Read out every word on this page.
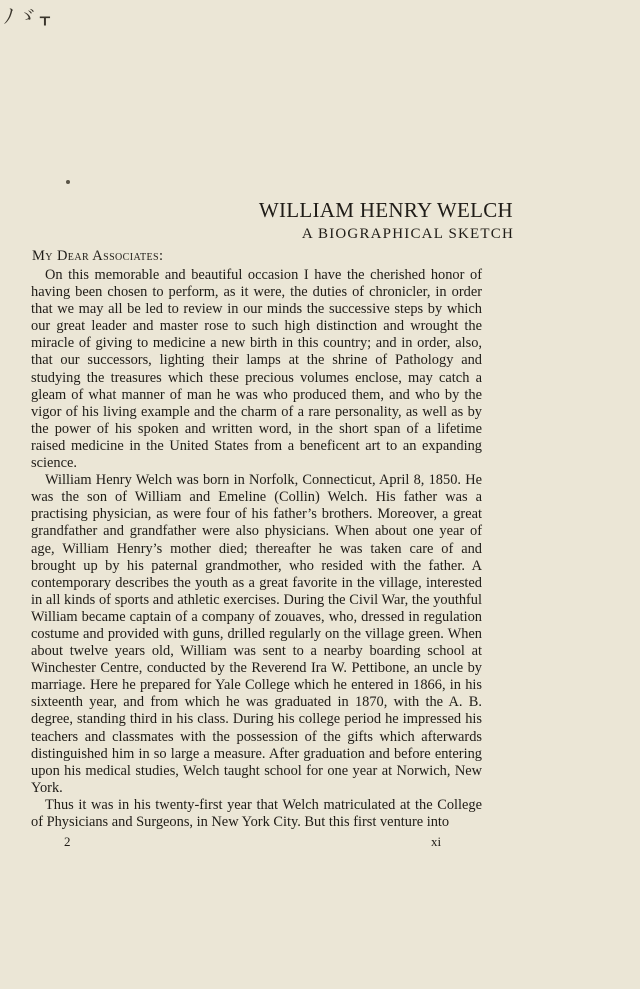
ﾉ ゞ ᚁ
WILLIAM HENRY WELCH
A BIOGRAPHICAL SKETCH
My Dear Associates:

On this memorable and beautiful occasion I have the cherished honor of having been chosen to perform, as it were, the duties of chronicler, in order that we may all be led to review in our minds the successive steps by which our great leader and master rose to such high distinction and wrought the miracle of giving to medicine a new birth in this country; and in order, also, that our successors, lighting their lamps at the shrine of Pathology and studying the treasures which these precious volumes enclose, may catch a gleam of what manner of man he was who produced them, and who by the vigor of his living example and the charm of a rare personality, as well as by the power of his spoken and written word, in the short span of a lifetime raised medicine in the United States from a beneficent art to an expanding science.

William Henry Welch was born in Norfolk, Connecticut, April 8, 1850. He was the son of William and Emeline (Collin) Welch. His father was a practising physician, as were four of his father’s brothers. Moreover, a great grandfather and grandfather were also physicians. When about one year of age, William Henry’s mother died; thereafter he was taken care of and brought up by his paternal grandmother, who resided with the father. A contemporary describes the youth as a great favorite in the village, interested in all kinds of sports and athletic exercises. During the Civil War, the youthful William became captain of a company of zouaves, who, dressed in regulation costume and provided with guns, drilled regularly on the village green. When about twelve years old, William was sent to a nearby boarding school at Winchester Centre, conducted by the Reverend Ira W. Pettibone, an uncle by marriage. Here he prepared for Yale College which he entered in 1866, in his sixteenth year, and from which he was graduated in 1870, with the A. B. degree, standing third in his class. During his college period he impressed his teachers and classmates with the possession of the gifts which afterwards distinguished him in so large a measure. After graduation and before entering upon his medical studies, Welch taught school for one year at Norwich, New York.

Thus it was in his twenty-first year that Welch matriculated at the College of Physicians and Surgeons, in New York City. But this first venture into

2	xi
